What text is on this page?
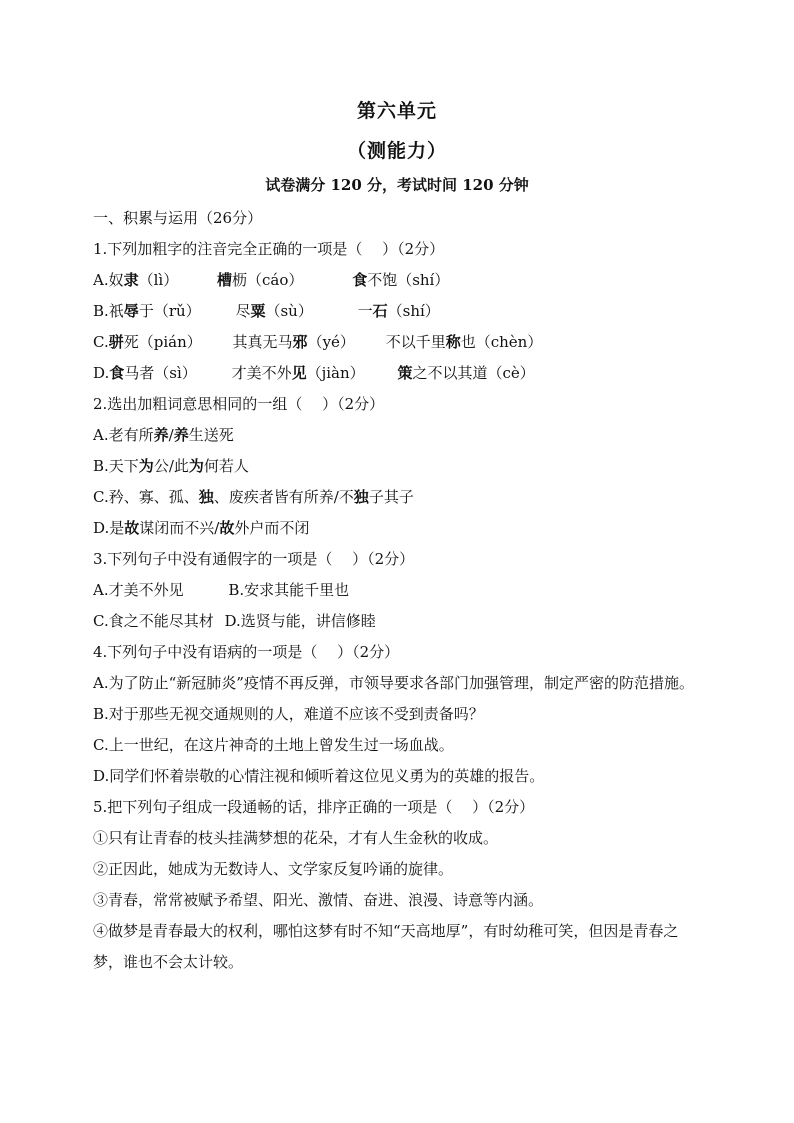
第六单元
（测能力）
试卷满分 120 分，考试时间 120 分钟
一、积累与运用（26分）
1.下列加粗字的注音完全正确的一项是（　 ）（2分）
A.奴隶（lì）	槽枥（cáo）	食不饱（shí）
B.祇辱于（rǔ） 尽粟（sù）	一石（shí）
C.骈死（pián） 其真无马邪（yé） 不以千里称也（chèn）
D.食马者（sì） 才美不外见（jiàn） 策之不以其道（cè）
2.选出加粗词意思相同的一组（　 ）（2分）
A.老有所养/养生送死
B.天下为公/此为何若人
C.矜、寡、孤、独、废疾者皆有所养/不独子其子
D.是故谋闭而不兴/故外户而不闭
3.下列句子中没有通假字的一项是（　 ）（2分）
A.才美不外见	B.安求其能千里也
C.食之不能尽其材 D.选贤与能，讲信修睦
4.下列句子中没有语病的一项是（　 ）（2分）
A.为了防止“新冠肺炎”疫情不再反弹，市领导要求各部门加强管理，制定严密的防范措施。
B.对于那些无视交通规则的人，难道不应该不受到责备吗？
C.上一世纪，在这片神奇的土地上曾发生过一场血战。
D.同学们怀着崇敬的心情注视和倾听着这位见义勇为的英雄的报告。
5.把下列句子组成一段通畅的话，排序正确的一项是（　 ）（2分）
①只有让青春的枝头挂满梦想的花朵，才有人生金秋的收成。
②正因此，她成为无数诗人、文学家反复吟诵的旋律。
③青春，常常被赋予希望、阳光、激情、奋进、浪漫、诗意等内涵。
④做梦是青春最大的权利，哪怕这梦有时不知“天高地厚”，有时幼稚可笑，但因是青春之梦，谁也不会太计较。
